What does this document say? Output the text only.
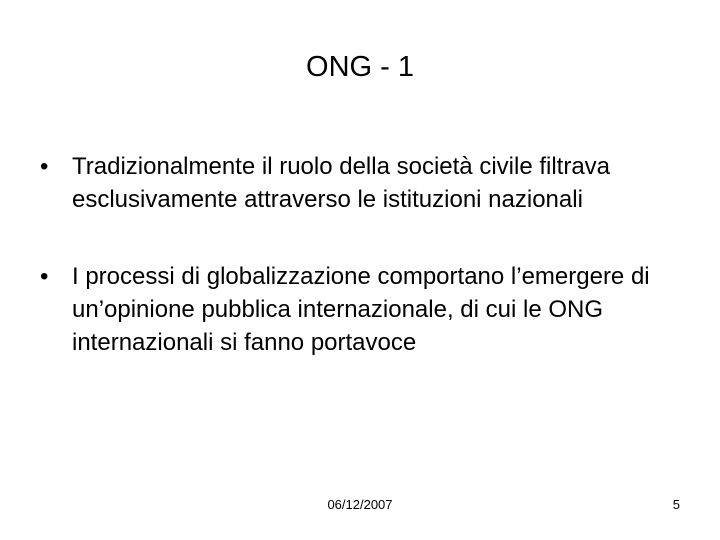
ONG - 1
• Tradizionalmente il ruolo della società civile filtrava esclusivamente attraverso le istituzioni nazionali
• I processi di globalizzazione comportano l’emergere di un’opinione pubblica internazionale, di cui le ONG internazionali si fanno portavoce
06/12/2007	5
